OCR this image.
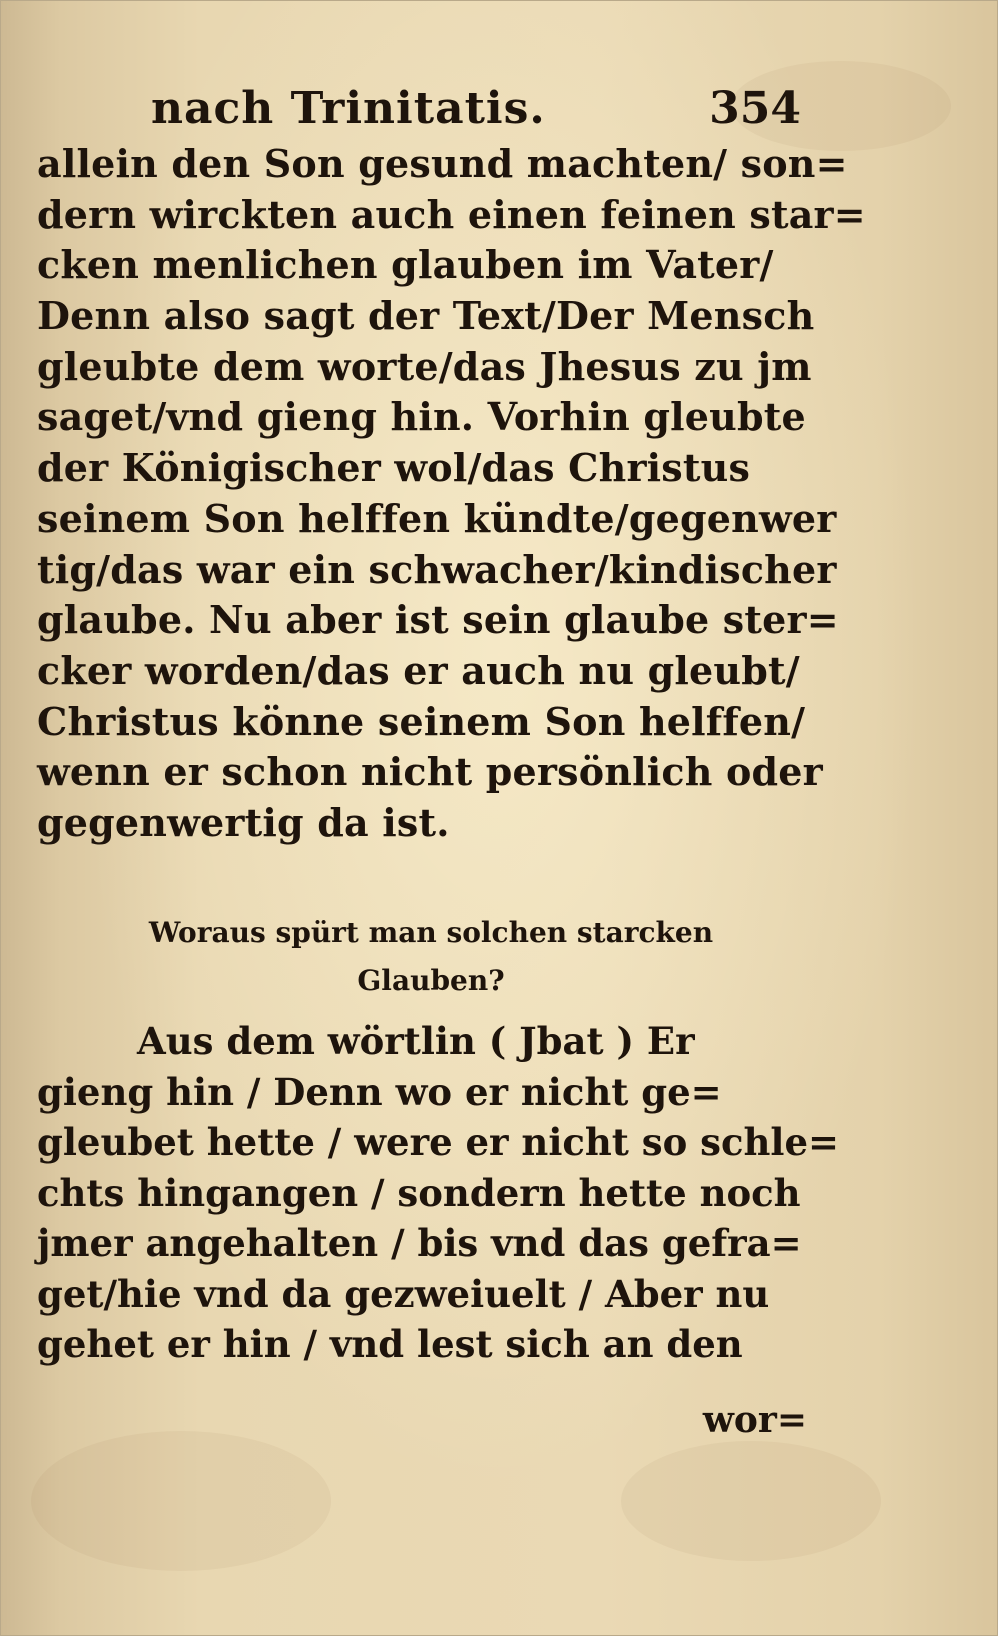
nach Trinitatis.	354
allein den Son gesund machten/ son=
dern wirckten auch einen feinen star=
cken menlichen glauben im Vater/
Denn also sagt der Text/Der Mensch
gleubte dem worte/das Jhesus zu jm
saget/vnd gieng hin. Vorhin gleubte
der Königischer wol/das Christus
seinem Son helffen kündte/gegenwer
tig/das war ein schwacher/kindischer
glaube. Nu aber ist sein glaube ster=
cker worden/das er auch nu gleubt/
Christus könne seinem Son helffen/
wenn er schon nicht persönlich oder
gegenwertig da ist.
Woraus spürt man solchen starcken
Glauben?
Aus dem wörtlin ( Jbat ) Er
gieng hin / Denn wo er nicht ge=
gleubet hette / were er nicht so schle=
chts hingangen / sondern hette noch
jmer angehalten / bis vnd das gefra=
get/hie vnd da gezweiuelt / Aber nu
gehet er hin / vnd lest sich an den
wor=
